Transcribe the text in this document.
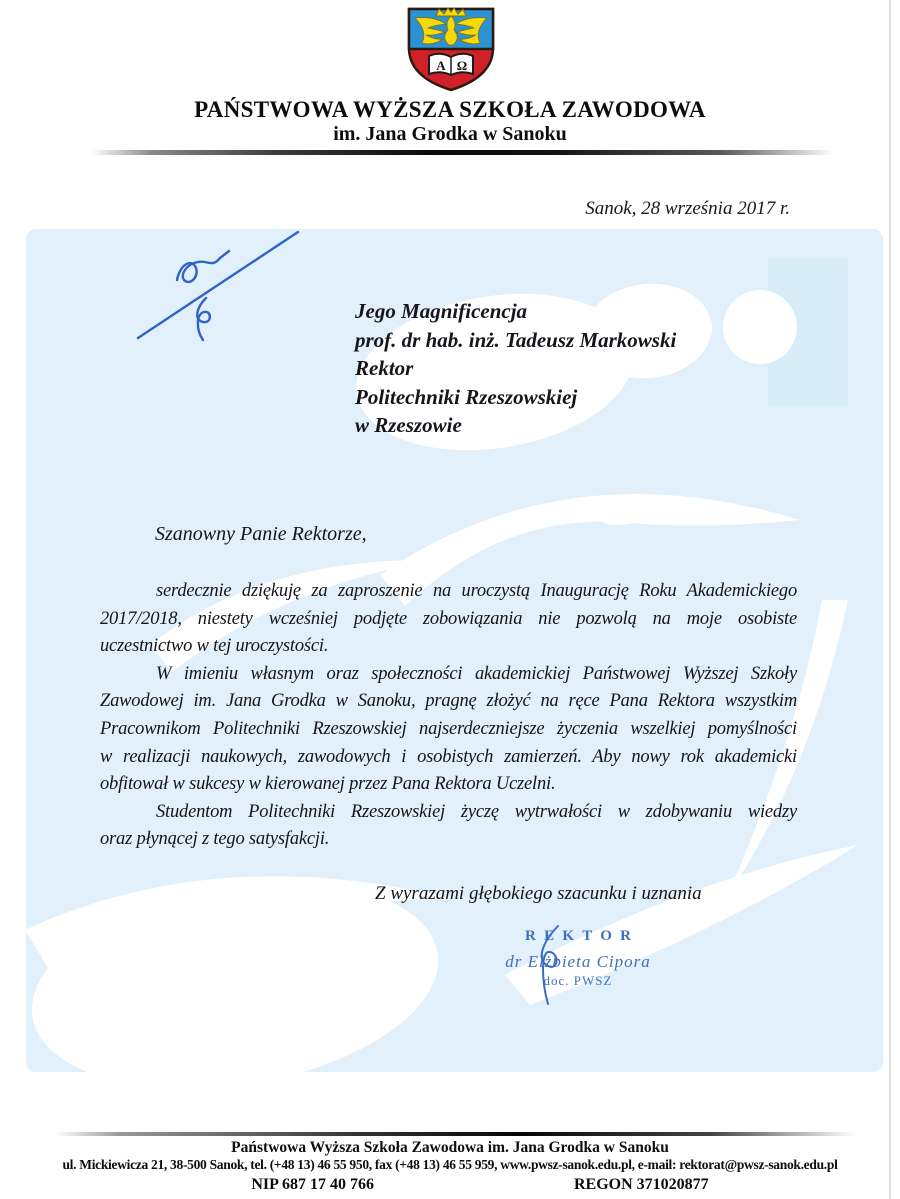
Α Ω
PAŃSTWOWA WYŻSZA SZKOŁA ZAWODOWA
im. Jana Grodka w Sanoku
Sanok, 28 września 2017 r.
Jego Magnificencja
prof. dr hab. inż. Tadeusz Markowski
Rektor
Politechniki Rzeszowskiej
w Rzeszowie
Szanowny Panie Rektorze,
serdecznie dziękuję za zaproszenie na uroczystą Inaugurację Roku Akademickiego
2017/2018, niestety wcześniej podjęte zobowiązania nie pozwolą na moje osobiste
uczestnictwo w tej uroczystości.
W imieniu własnym oraz społeczności akademickiej Państwowej Wyższej Szkoły
Zawodowej im. Jana Grodka w Sanoku, pragnę złożyć na ręce Pana Rektora wszystkim
Pracownikom Politechniki Rzeszowskiej najserdeczniejsze życzenia wszelkiej pomyślności
w realizacji naukowych, zawodowych i osobistych zamierzeń. Aby nowy rok akademicki
obfitował w sukcesy w kierowanej przez Pana Rektora Uczelni.
Studentom Politechniki Rzeszowskiej życzę wytrwałości w zdobywaniu wiedzy
oraz płynącej z tego satysfakcji.
Z wyrazami głębokiego szacunku i uznania
REKTOR
dr Elżbieta Cipora
doc. PWSZ
Państwowa Wyższa Szkoła Zawodowa im. Jana Grodka w Sanoku
ul. Mickiewicza 21, 38-500 Sanok, tel. (+48 13) 46 55 950, fax (+48 13) 46 55 959, www.pwsz-sanok.edu.pl, e-mail: rektorat@pwsz-sanok.edu.pl
NIP 687 17 40 766	REGON 371020877
